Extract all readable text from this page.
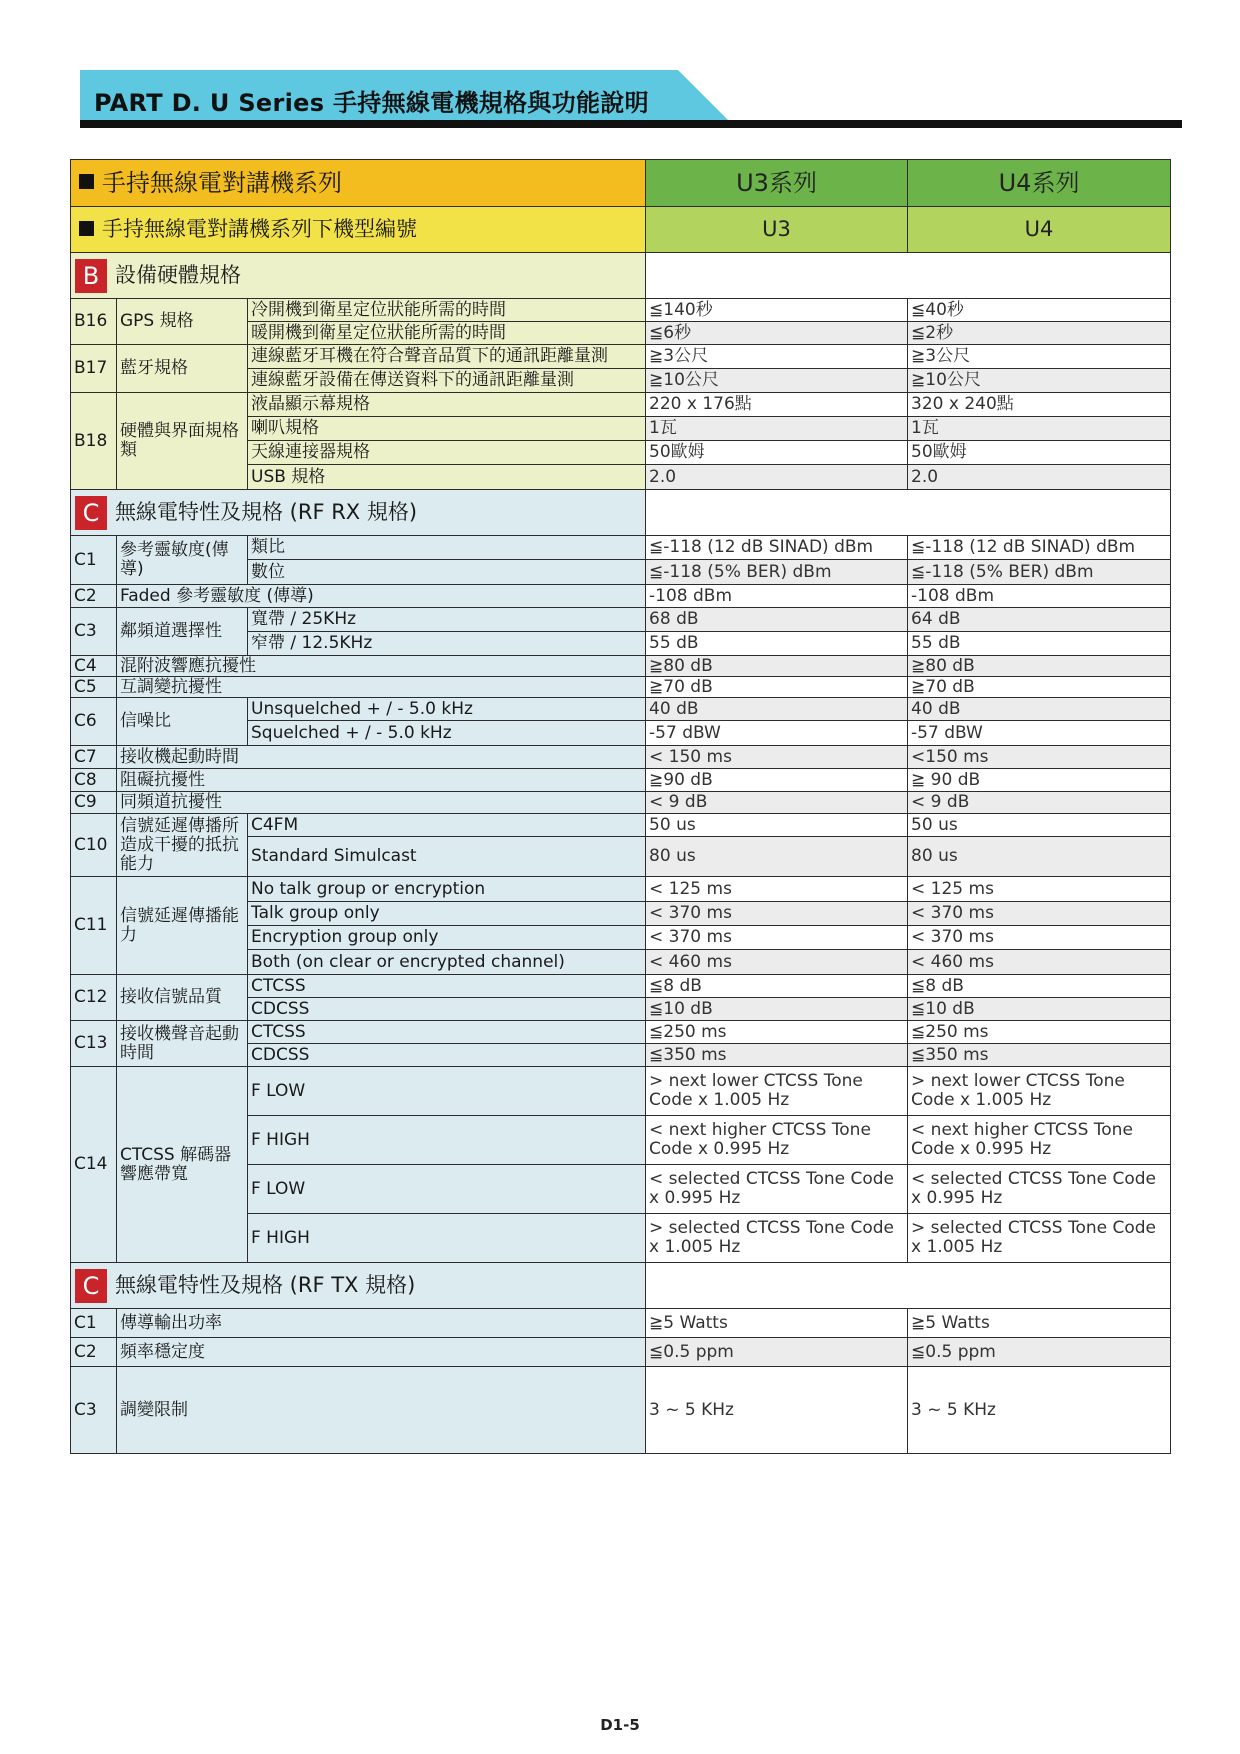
PART D. U Series 手持無線電機規格與功能說明
手持無線電對講機系列			U3系列	U4系列
手持無線電對講機系列下機型編號			U3	U4
B 設備硬體規格				
B16	GPS 規格	冷開機到衛星定位狀能所需的時間	≦140秒	≦40秒
		暖開機到衛星定位狀能所需的時間	≦6秒	≦2秒
B17	藍牙規格	連線藍牙耳機在符合聲音品質下的通訊距離量測	≧3公尺	≧3公尺
		連線藍牙設備在傳送資料下的通訊距離量測	≧10公尺	≧10公尺
B18	硬體與界面規格類	液晶顯示幕規格	220 x 176點	320 x 240點
		喇叭規格	1瓦	1瓦
		天線連接器規格	50歐姆	50歐姆
		USB 規格	2.0	2.0
C 無線電特性及規格 (RF RX 規格)				
C1	參考靈敏度(傳導)	類比	≦-118 (12 dB SINAD) dBm	≦-118 (12 dB SINAD) dBm
		數位	≦-118 (5% BER) dBm	≦-118 (5% BER) dBm
C2	Faded 參考靈敏度 (傳導)		-108 dBm	-108 dBm
C3	鄰頻道選擇性	寬帶 / 25KHz	68 dB	64 dB
		窄帶 / 12.5KHz	55 dB	55 dB
C4	混附波響應抗擾性		≧80 dB	≧80 dB
C5	互調變抗擾性		≧70 dB	≧70 dB
C6	信噪比	Unsquelched + / - 5.0 kHz	40 dB	40 dB
		Squelched + / - 5.0 kHz	-57 dBW	-57 dBW
C7	接收機起動時間		< 150 ms	<150 ms
C8	阻礙抗擾性		≧90 dB	≧ 90 dB
C9	同頻道抗擾性		< 9 dB	< 9 dB
C10	信號延遲傳播所造成干擾的抵抗能力	C4FM	50 us	50 us
		Standard Simulcast	80 us	80 us
C11	信號延遲傳播能力	No talk group or encryption	< 125 ms	< 125 ms
		Talk group only	< 370 ms	< 370 ms
		Encryption group only	< 370 ms	< 370 ms
		Both (on clear or encrypted channel)	< 460 ms	< 460 ms
C12	接收信號品質	CTCSS	≦8 dB	≦8 dB
		CDCSS	≦10 dB	≦10 dB
C13	接收機聲音起動時間	CTCSS	≦250 ms	≦250 ms
		CDCSS	≦350 ms	≦350 ms
C14	CTCSS 解碼器響應帶寬	F LOW	> next lower CTCSS Tone Code x 1.005 Hz	> next lower CTCSS Tone Code x 1.005 Hz
		F HIGH	< next higher CTCSS Tone Code x 0.995 Hz	< next higher CTCSS Tone Code x 0.995 Hz
		F LOW	< selected CTCSS Tone Code x 0.995 Hz	< selected CTCSS Tone Code x 0.995 Hz
		F HIGH	> selected CTCSS Tone Code x 1.005 Hz	> selected CTCSS Tone Code x 1.005 Hz
C 無線電特性及規格 (RF TX 規格)				
C1	傳導輸出功率		≧5 Watts	≧5 Watts
C2	頻率穩定度		≦0.5 ppm	≦0.5 ppm
C3	調變限制		3 ~ 5 KHz	3 ~ 5 KHz
D1-5
